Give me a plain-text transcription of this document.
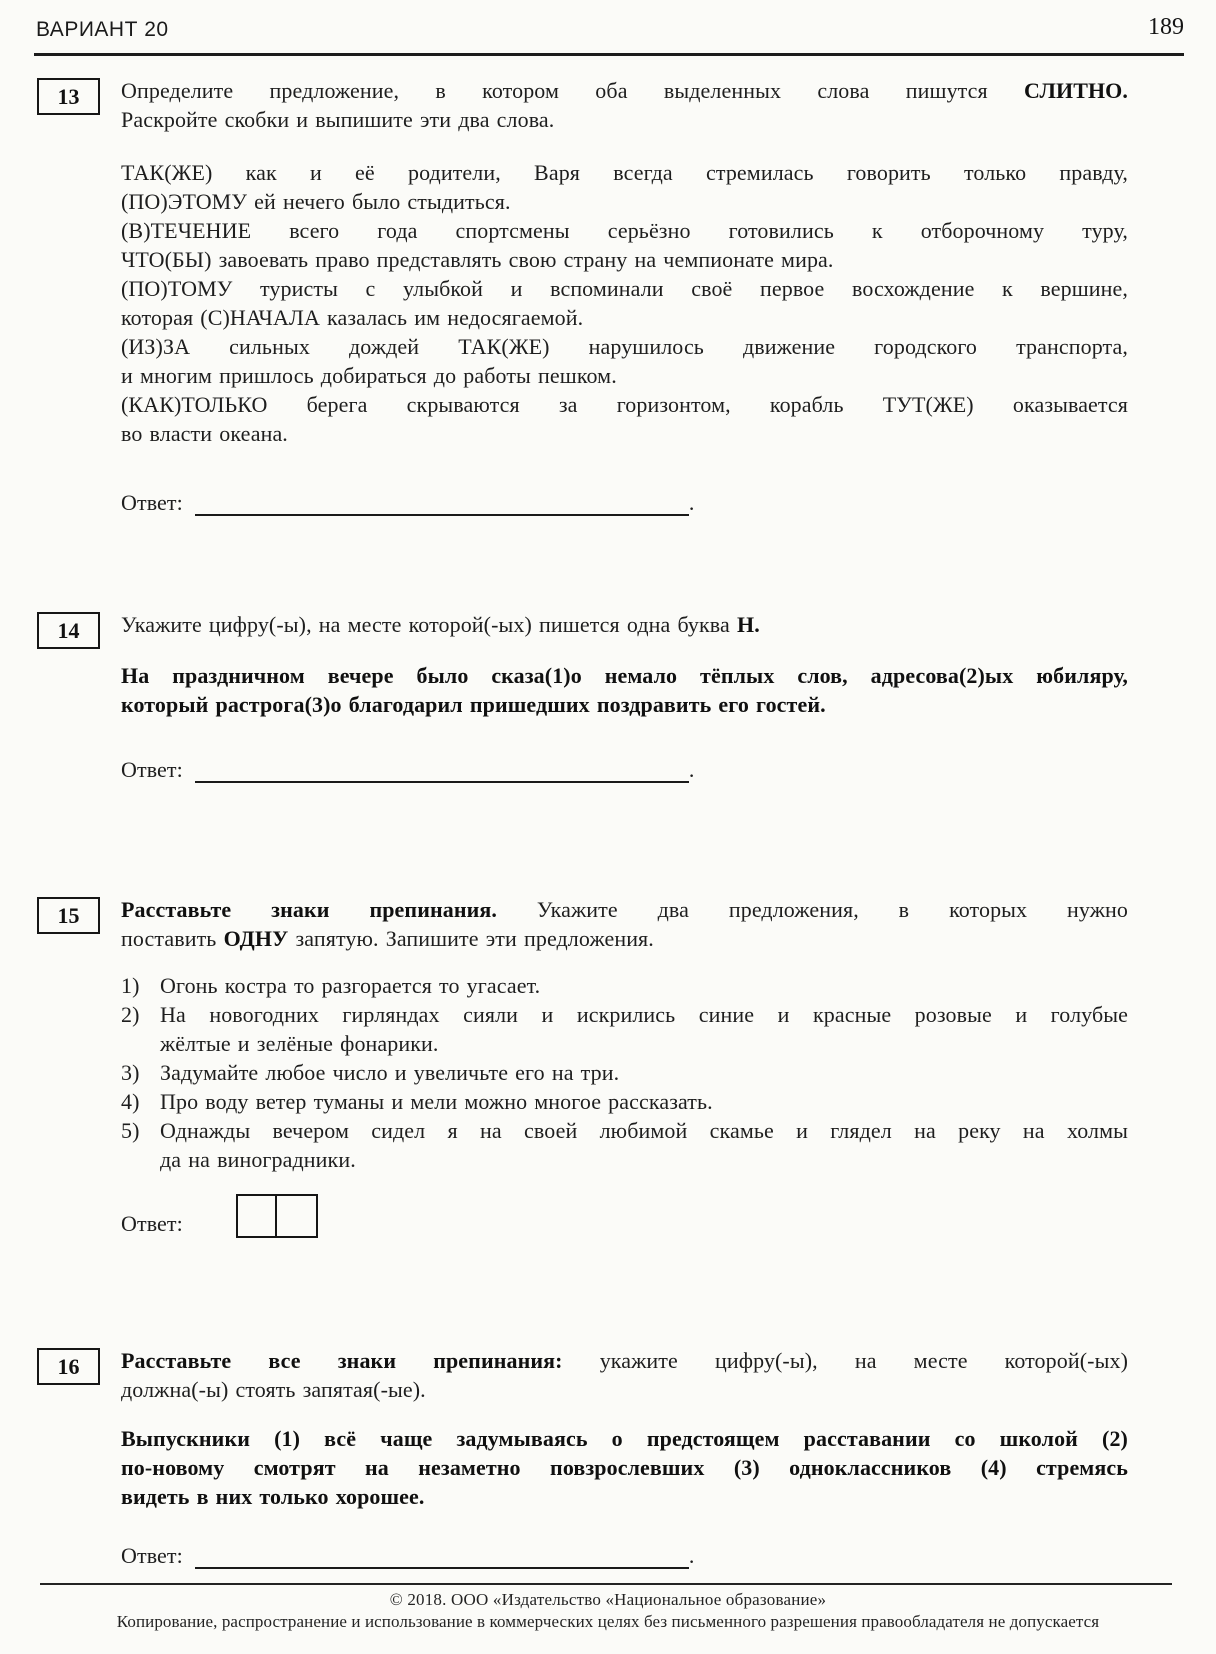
ВАРИАНТ 20	189
13	Определите предложение, в котором оба выделенных слова пишутся СЛИТНО.
Раскройте скобки и выпишите эти два слова.
ТАК(ЖЕ) как и её родители, Варя всегда стремилась говорить только правду,
(ПО)ЭТОМУ ей нечего было стыдиться.
(В)ТЕЧЕНИЕ всего года спортсмены серьёзно готовились к отборочному туру,
ЧТО(БЫ) завоевать право представлять свою страну на чемпионате мира.
(ПО)ТОМУ туристы с улыбкой и вспоминали своё первое восхождение к вершине,
которая (С)НАЧАЛА казалась им недосягаемой.
(ИЗ)ЗА сильных дождей ТАК(ЖЕ) нарушилось движение городского транспорта,
и многим пришлось добираться до работы пешком.
(КАК)ТОЛЬКО берега скрываются за горизонтом, корабль ТУТ(ЖЕ) оказывается
во власти океана.
Ответ:	.
14	Укажите цифру(-ы), на месте которой(-ых) пишется одна буква Н.
На праздничном вечере было сказа(1)о немало тёплых слов, адресова(2)ых юбиляру,
который растрога(3)о благодарил пришедших поздравить его гостей.
Ответ:	.
15	Расставьте знаки препинания. Укажите два предложения, в которых нужно
поставить ОДНУ запятую. Запишите эти предложения.
1) Огонь костра то разгорается то угасает.
2) На новогодних гирляндах сияли и искрились синие и красные розовые и голубые
жёлтые и зелёные фонарики.
3) Задумайте любое число и увеличьте его на три.
4) Про воду ветер туманы и мели можно многое рассказать.
5) Однажды вечером сидел я на своей любимой скамье и глядел на реку на холмы
да на виноградники.
Ответ:
16	Расставьте все знаки препинания: укажите цифру(-ы), на месте которой(-ых)
должна(-ы) стоять запятая(-ые).
Выпускники (1) всё чаще задумываясь о предстоящем расставании со школой (2)
по-новому смотрят на незаметно повзрослевших (3) одноклассников (4) стремясь
видеть в них только хорошее.
Ответ:	.
© 2018. ООО «Издательство «Национальное образование»
Копирование, распространение и использование в коммерческих целях без письменного разрешения правообладателя не допускается
